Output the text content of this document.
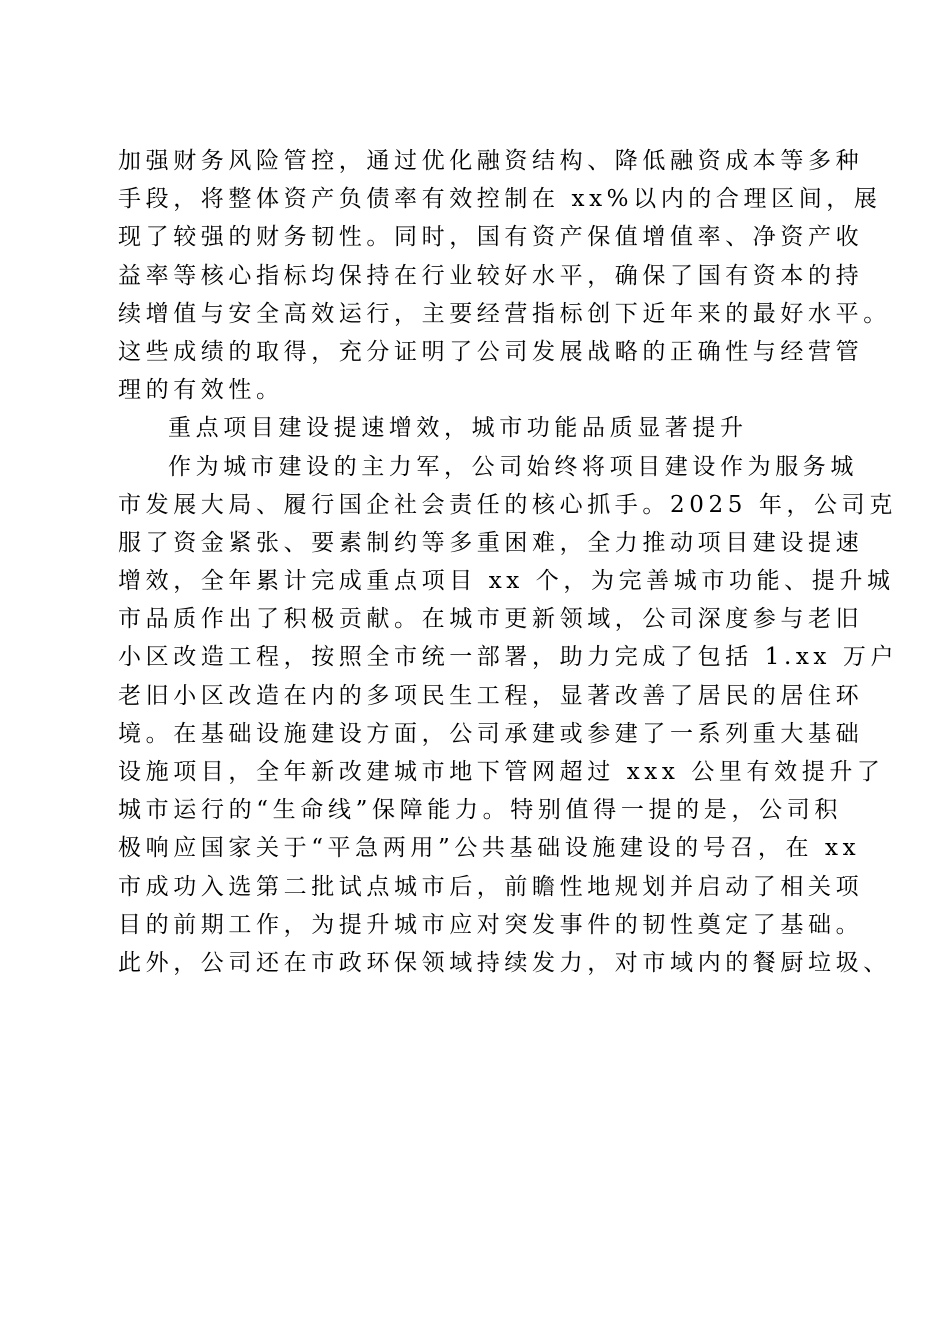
加强财务风险管控，通过优化融资结构、降低融资成本等多种
手段，将整体资产负债率有效控制在 xx%以内的合理区间，展
现了较强的财务韧性。同时，国有资产保值增值率、净资产收
益率等核心指标均保持在行业较好水平，确保了国有资本的持
续增值与安全高效运行，主要经营指标创下近年来的最好水平。
这些成绩的取得，充分证明了公司发展战略的正确性与经营管
理的有效性。
重点项目建设提速增效，城市功能品质显著提升
作为城市建设的主力军，公司始终将项目建设作为服务城
市发展大局、履行国企社会责任的核心抓手。2025 年，公司克
服了资金紧张、要素制约等多重困难，全力推动项目建设提速
增效，全年累计完成重点项目 xx 个，为完善城市功能、提升城
市品质作出了积极贡献。在城市更新领域，公司深度参与老旧
小区改造工程，按照全市统一部署，助力完成了包括 1.xx 万户
老旧小区改造在内的多项民生工程，显著改善了居民的居住环
境。在基础设施建设方面，公司承建或参建了一系列重大基础
设施项目，全年新改建城市地下管网超过 xxx 公里有效提升了
城市运行的“生命线”保障能力。特别值得一提的是，公司积
极响应国家关于“平急两用”公共基础设施建设的号召，在 xx
市成功入选第二批试点城市后，前瞻性地规划并启动了相关项
目的前期工作，为提升城市应对突发事件的韧性奠定了基础。
此外，公司还在市政环保领域持续发力，对市域内的餐厨垃圾、
